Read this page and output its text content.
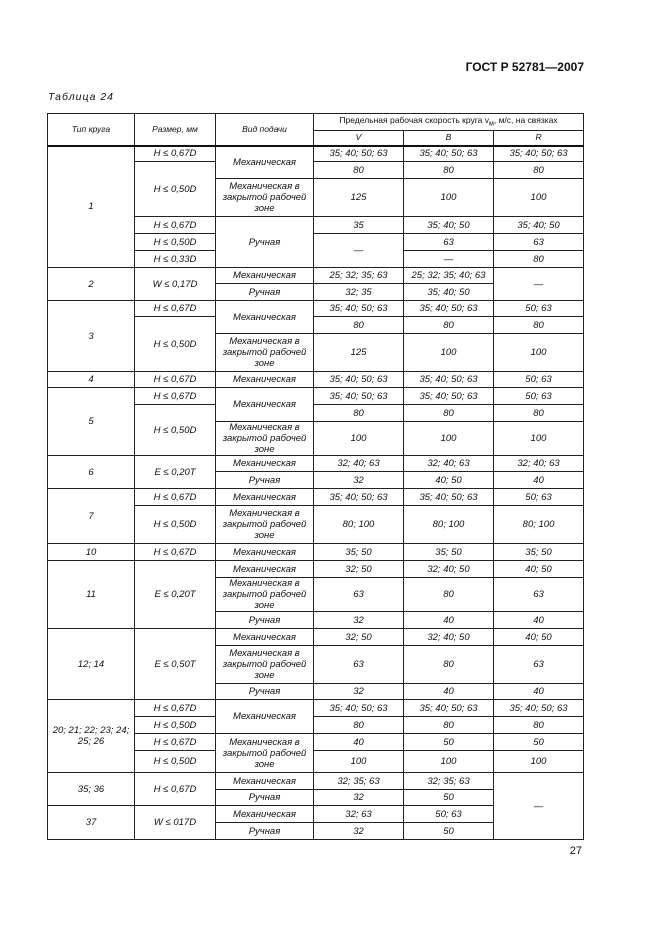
ГОСТ Р 52781—2007
Таблица 24
Тип круга	Размер, мм	Вид подачи	Предельная рабочая скорость круга $v_м$, м/с, на связках		
			V	B	R
1	H ≤ 0,67D	Механическая	35; 40; 50; 63	35; 40; 50; 63	35; 40; 50; 63
	H ≤ 0,50D		80	80	80
		Механическая в закрытой рабочей зоне	125	100	100
	H ≤ 0,67D	Ручная	35	35; 40; 50	35; 40; 50
	H ≤ 0,50D		—	63	63
	H ≤ 0,33D			—	80
2	W ≤ 0,17D	Механическая	25; 32; 35; 63	25; 32; 35; 40; 63	—
		Ручная	32; 35	35; 40; 50	
3	H ≤ 0,67D	Механическая	35; 40; 50; 63	35; 40; 50; 63	50; 63
	H ≤ 0,50D		80	80	80
		Механическая в закрытой рабочей зоне	125	100	100
4	H ≤ 0,67D	Механическая	35; 40; 50; 63	35; 40; 50; 63	50; 63
5	H ≤ 0,67D	Механическая	35; 40; 50; 63	35; 40; 50; 63	50; 63
	H ≤ 0,50D		80	80	80
		Механическая в закрытой рабочей зоне	100	100	100
6	E ≤ 0,20T	Механическая	32; 40; 63	32; 40; 63	32; 40; 63
		Ручная	32	40; 50	40
7	H ≤ 0,67D	Механическая	35; 40; 50; 63	35; 40; 50; 63	50; 63
	H ≤ 0,50D	Механическая в закрытой рабочей зоне	80; 100	80; 100	80; 100
10	H ≤ 0,67D	Механическая	35; 50	35; 50	35; 50
11	E ≤ 0,20T	Механическая	32; 50	32; 40; 50	40; 50
		Механическая в закрытой рабочей зоне	63	80	63
		Ручная	32	40	40
12; 14	E ≤ 0,50T	Механическая	32; 50	32; 40; 50	40; 50
		Механическая в закрытой рабочей зоне	63	80	63
		Ручная	32	40	40
20; 21; 22; 23; 24; 25; 26	H ≤ 0,67D	Механическая	35; 40; 50; 63	35; 40; 50; 63	35; 40; 50; 63
	H ≤ 0,50D		80	80	80
	H ≤ 0,67D	Механическая в закрытой рабочей зоне	40	50	50
	H ≤ 0,50D		100	100	100
35; 36	H ≤ 0,67D	Механическая	32; 35; 63	32; 35; 63	—
		Ручная	32	50	
37	W ≤ 017D	Механическая	32; 63	50; 63	
		Ручная	32	50	
27
